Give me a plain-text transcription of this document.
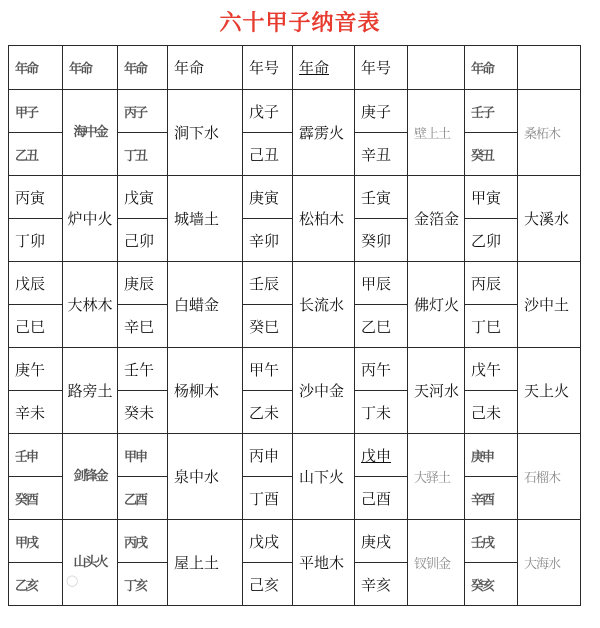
六十甲子纳音表
年命	年命	年命	年命	年号	年命	年号		年命	
甲子	海中金	丙子	涧下水	戊子	霹雳火	庚子	壁上土	壬子	桑柘木
乙丑		丁丑		己丑		辛丑		癸丑	
丙寅	炉中火	戊寅	城墙土	庚寅	松柏木	壬寅	金箔金	甲寅	大溪水
丁卯		己卯		辛卯		癸卯		乙卯	
戊辰	大林木	庚辰	白蜡金	壬辰	长流水	甲辰	佛灯火	丙辰	沙中土
己巳		辛巳		癸巳		乙巳		丁巳	
庚午	路旁土	壬午	杨柳木	甲午	沙中金	丙午	天河水	戊午	天上火
辛未		癸未		乙未		丁未		己未	
壬申	剑锋金	甲申	泉中水	丙申	山下火	戊申	大驿土	庚申	石榴木
癸酉		乙酉		丁酉		己酉		辛酉	
甲戌	山头火	丙戌	屋上土	戊戌	平地木	庚戌	钗钏金	壬戌	大海水
乙亥		丁亥		己亥		辛亥		癸亥	
◯
